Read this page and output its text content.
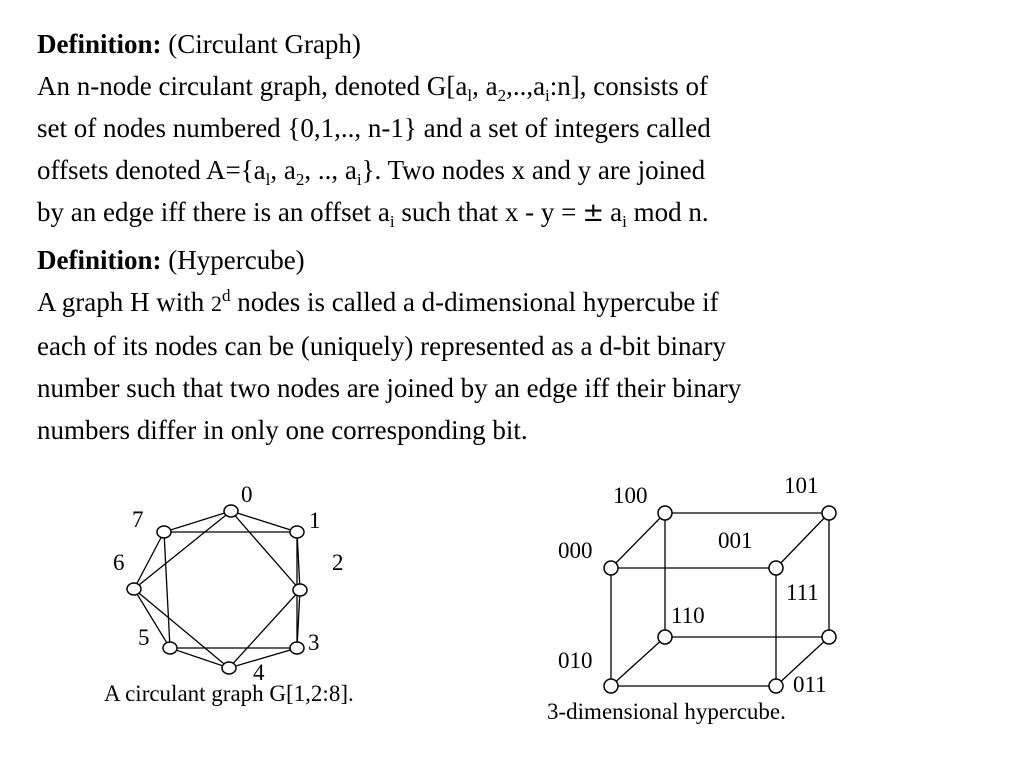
Definition: (Circulant Graph)
An n-node circulant graph, denoted $G[a_l$, $a_2,..,a_i:n$], consists of
set of nodes numbered {0,1,.., n-1} and a set of integers called
offsets denoted $A=\{a_l$, $a_2$, .., $a_i$}. Two nodes x and y are joined
by an edge iff there is an offset $a_i$ such that x - y = ± $a_i$ mod n.
Definition: (Hypercube)
A graph H with 2$^d$ nodes is called a d-dimensional hypercube if
each of its nodes can be (uniquely) represented as a d-bit binary
number such that two nodes are joined by an edge iff their binary
numbers differ in only one corresponding bit.
0
1
2
3
4
5
6
7
A circulant graph G[1,2:8].
100	101
000	001
111
110
010
011
3-dimensional hypercube.
